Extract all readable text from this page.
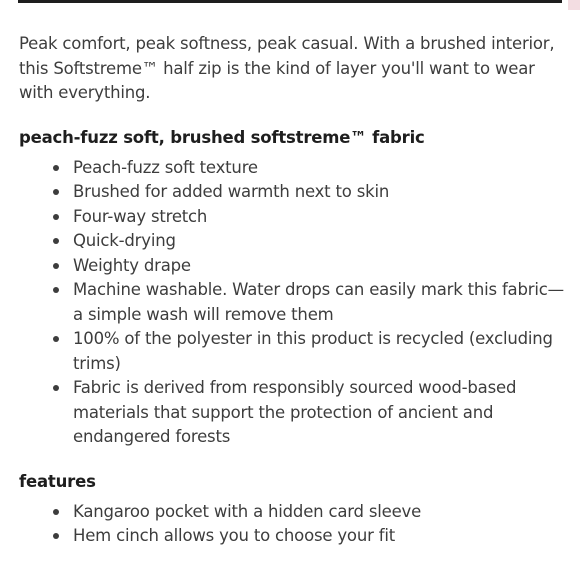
Peak comfort, peak softness, peak casual. With a brushed interior, this Softstreme™ half zip is the kind of layer you'll want to wear with everything.

peach-fuzz soft, brushed softstreme™ fabric
Peach-fuzz soft texture
Brushed for added warmth next to skin
Four-way stretch
Quick-drying
Weighty drape
Machine washable. Water drops can easily mark this fabric—a simple wash will remove them
100% of the polyester in this product is recycled (excluding trims)
Fabric is derived from responsibly sourced wood-based materials that support the protection of ancient and endangered forests
features
Kangaroo pocket with a hidden card sleeve
Hem cinch allows you to choose your fit
